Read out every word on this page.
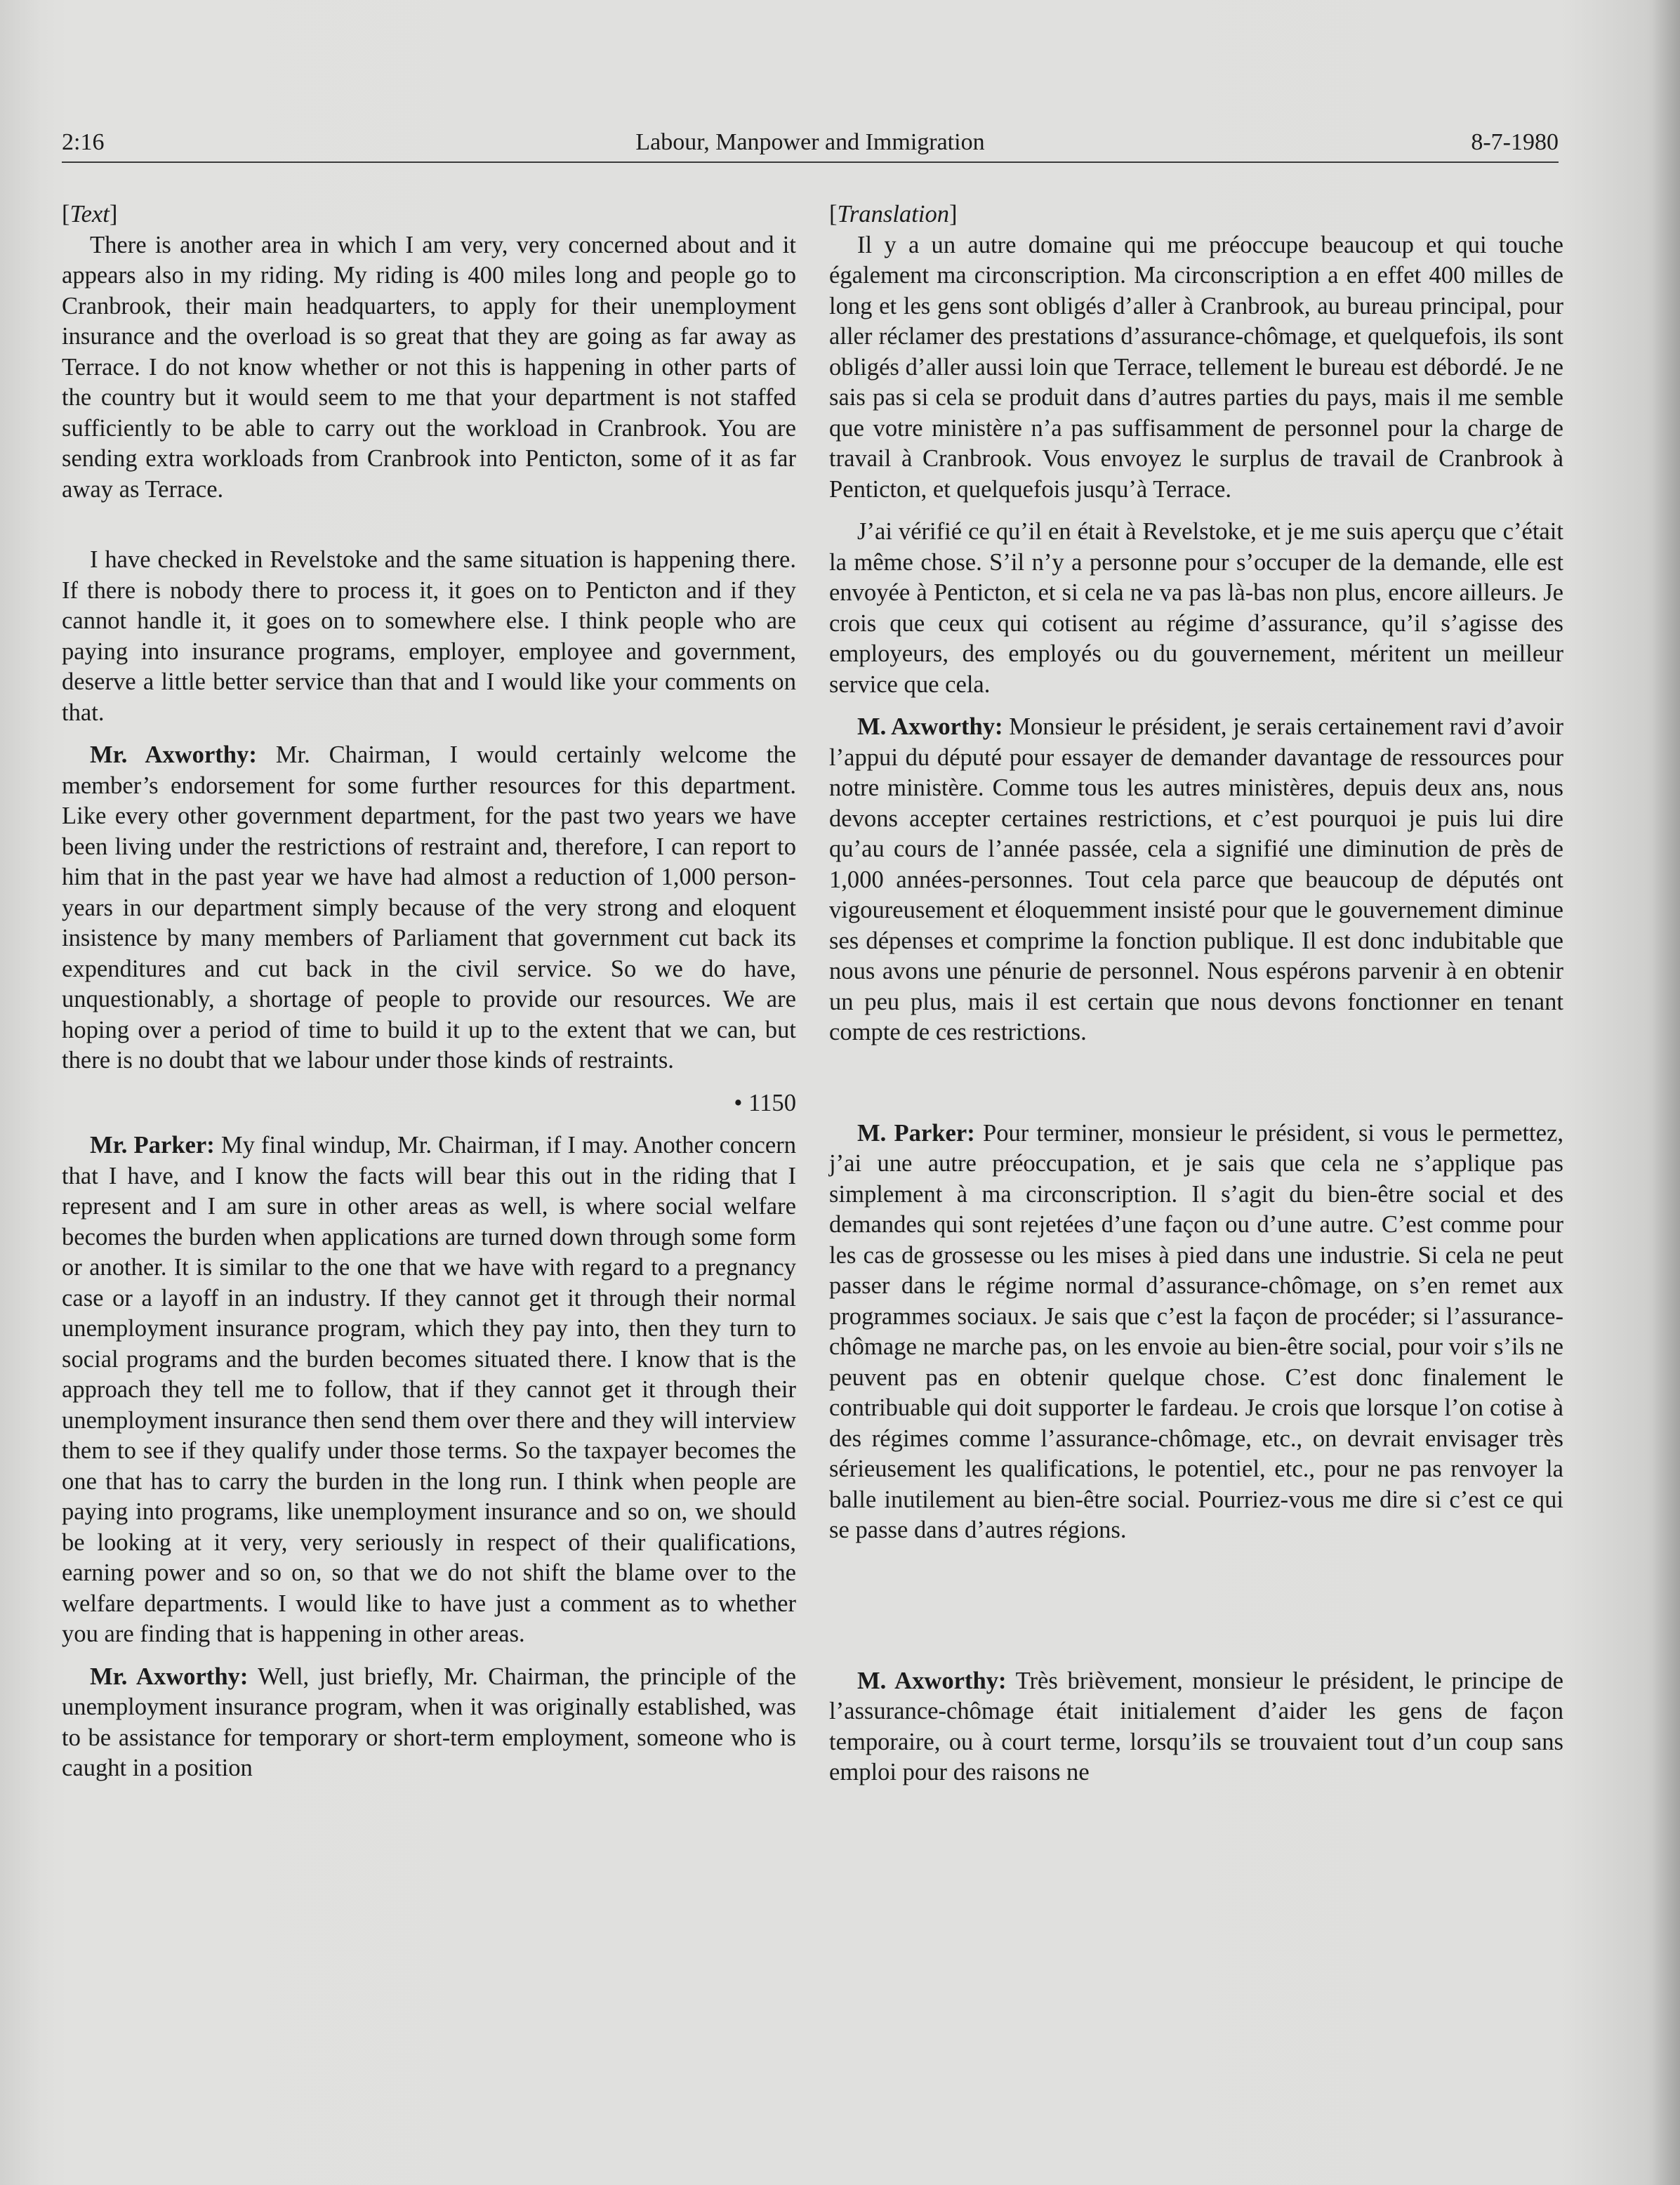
2:16	Labour, Manpower and Immigration	8-7-1980

[Text]

There is another area in which I am very, very concerned about and it appears also in my riding. My riding is 400 miles long and people go to Cranbrook, their main headquarters, to apply for their unemployment insurance and the overload is so great that they are going as far away as Terrace. I do not know whether or not this is happening in other parts of the country but it would seem to me that your department is not staffed sufficiently to be able to carry out the workload in Cranbrook. You are sending extra workloads from Cranbrook into Penticton, some of it as far away as Terrace.

I have checked in Revelstoke and the same situation is happening there. If there is nobody there to process it, it goes on to Penticton and if they cannot handle it, it goes on to somewhere else. I think people who are paying into insurance programs, employer, employee and government, deserve a little better service than that and I would like your comments on that.

Mr. Axworthy: Mr. Chairman, I would certainly welcome the member’s endorsement for some further resources for this department. Like every other government department, for the past two years we have been living under the restrictions of restraint and, therefore, I can report to him that in the past year we have had almost a reduction of 1,000 person-years in our department simply because of the very strong and eloquent insistence by many members of Parliament that government cut back its expenditures and cut back in the civil service. So we do have, unquestionably, a shortage of people to provide our resources. We are hoping over a period of time to build it up to the extent that we can, but there is no doubt that we labour under those kinds of restraints.

• 1150

Mr. Parker: My final windup, Mr. Chairman, if I may. Another concern that I have, and I know the facts will bear this out in the riding that I represent and I am sure in other areas as well, is where social welfare becomes the burden when applications are turned down through some form or another. It is similar to the one that we have with regard to a pregnancy case or a layoff in an industry. If they cannot get it through their normal unemployment insurance program, which they pay into, then they turn to social programs and the burden becomes situated there. I know that is the approach they tell me to follow, that if they cannot get it through their unemployment insurance then send them over there and they will interview them to see if they qualify under those terms. So the taxpayer becomes the one that has to carry the burden in the long run. I think when people are paying into programs, like unemployment insurance and so on, we should be looking at it very, very seriously in respect of their qualifications, earning power and so on, so that we do not shift the blame over to the welfare departments. I would like to have just a comment as to whether you are finding that is happening in other areas.

Mr. Axworthy: Well, just briefly, Mr. Chairman, the principle of the unemployment insurance program, when it was originally established, was to be assistance for temporary or short-term employment, someone who is caught in a position

[Translation]

Il y a un autre domaine qui me préoccupe beaucoup et qui touche également ma circonscription. Ma circonscription a en effet 400 milles de long et les gens sont obligés d’aller à Cranbrook, au bureau principal, pour aller réclamer des prestations d’assurance-chômage, et quelquefois, ils sont obligés d’aller aussi loin que Terrace, tellement le bureau est débordé. Je ne sais pas si cela se produit dans d’autres parties du pays, mais il me semble que votre ministère n’a pas suffisamment de personnel pour la charge de travail à Cranbrook. Vous envoyez le surplus de travail de Cranbrook à Penticton, et quelquefois jusqu’à Terrace.

J’ai vérifié ce qu’il en était à Revelstoke, et je me suis aperçu que c’était la même chose. S’il n’y a personne pour s’occuper de la demande, elle est envoyée à Penticton, et si cela ne va pas là-bas non plus, encore ailleurs. Je crois que ceux qui cotisent au régime d’assurance, qu’il s’agisse des employeurs, des employés ou du gouvernement, méritent un meilleur service que cela.

M. Axworthy: Monsieur le président, je serais certainement ravi d’avoir l’appui du député pour essayer de demander davantage de ressources pour notre ministère. Comme tous les autres ministères, depuis deux ans, nous devons accepter certaines restrictions, et c’est pourquoi je puis lui dire qu’au cours de l’année passée, cela a signifié une diminution de près de 1,000 années-personnes. Tout cela parce que beaucoup de députés ont vigoureusement et éloquemment insisté pour que le gouvernement diminue ses dépenses et comprime la fonction publique. Il est donc indubitable que nous avons une pénurie de personnel. Nous espérons parvenir à en obtenir un peu plus, mais il est certain que nous devons fonctionner en tenant compte de ces restrictions.

M. Parker: Pour terminer, monsieur le président, si vous le permettez, j’ai une autre préoccupation, et je sais que cela ne s’applique pas simplement à ma circonscription. Il s’agit du bien-être social et des demandes qui sont rejetées d’une façon ou d’une autre. C’est comme pour les cas de grossesse ou les mises à pied dans une industrie. Si cela ne peut passer dans le régime normal d’assurance-chômage, on s’en remet aux programmes sociaux. Je sais que c’est la façon de procéder; si l’assurance-chômage ne marche pas, on les envoie au bien-être social, pour voir s’ils ne peuvent pas en obtenir quelque chose. C’est donc finalement le contribuable qui doit supporter le fardeau. Je crois que lorsque l’on cotise à des régimes comme l’assurance-chômage, etc., on devrait envisager très sérieusement les qualifications, le potentiel, etc., pour ne pas renvoyer la balle inutilement au bien-être social. Pourriez-vous me dire si c’est ce qui se passe dans d’autres régions.

M. Axworthy: Très brièvement, monsieur le président, le principe de l’assurance-chômage était initialement d’aider les gens de façon temporaire, ou à court terme, lorsqu’ils se trouvaient tout d’un coup sans emploi pour des raisons ne
